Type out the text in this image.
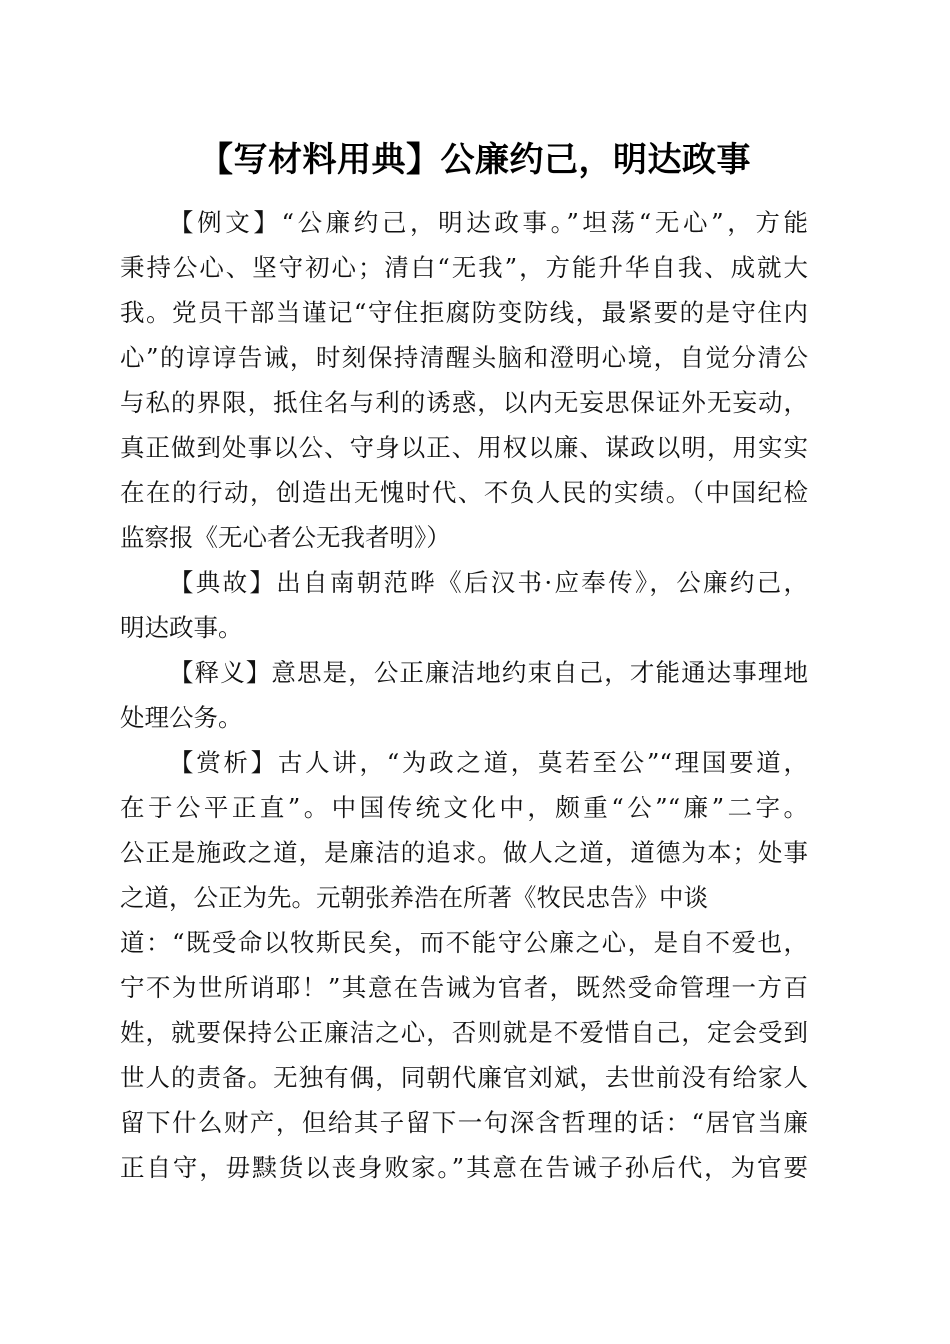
【写材料用典】公廉约己，明达政事
【例文】“公廉约己，明达政事。”坦荡“无心”，方能
秉持公心、坚守初心；清白“无我”，方能升华自我、成就大
我。党员干部当谨记“守住拒腐防变防线，最紧要的是守住内
心”的谆谆告诫，时刻保持清醒头脑和澄明心境，自觉分清公
与私的界限，抵住名与利的诱惑，以内无妄思保证外无妄动，
真正做到处事以公、守身以正、用权以廉、谋政以明，用实实
在在的行动，创造出无愧时代、不负人民的实绩。（中国纪检
监察报《无心者公无我者明》）
【典故】出自南朝范晔《后汉书·应奉传》，公廉约己，
明达政事。
【释义】意思是，公正廉洁地约束自己，才能通达事理地
处理公务。
【赏析】古人讲，“为政之道，莫若至公”“理国要道，
在于公平正直”。中国传统文化中，颇重“公”“廉”二字。
公正是施政之道，是廉洁的追求。做人之道，道德为本；处事
之道，公正为先。元朝张养浩在所著《牧民忠告》中谈
道：“既受命以牧斯民矣，而不能守公廉之心，是自不爱也，
宁不为世所诮耶！”其意在告诫为官者，既然受命管理一方百
姓，就要保持公正廉洁之心，否则就是不爱惜自己，定会受到
世人的责备。无独有偶，同朝代廉官刘斌，去世前没有给家人
留下什么财产，但给其子留下一句深含哲理的话：“居官当廉
正自守，毋黩货以丧身败家。”其意在告诫子孙后代，为官要
